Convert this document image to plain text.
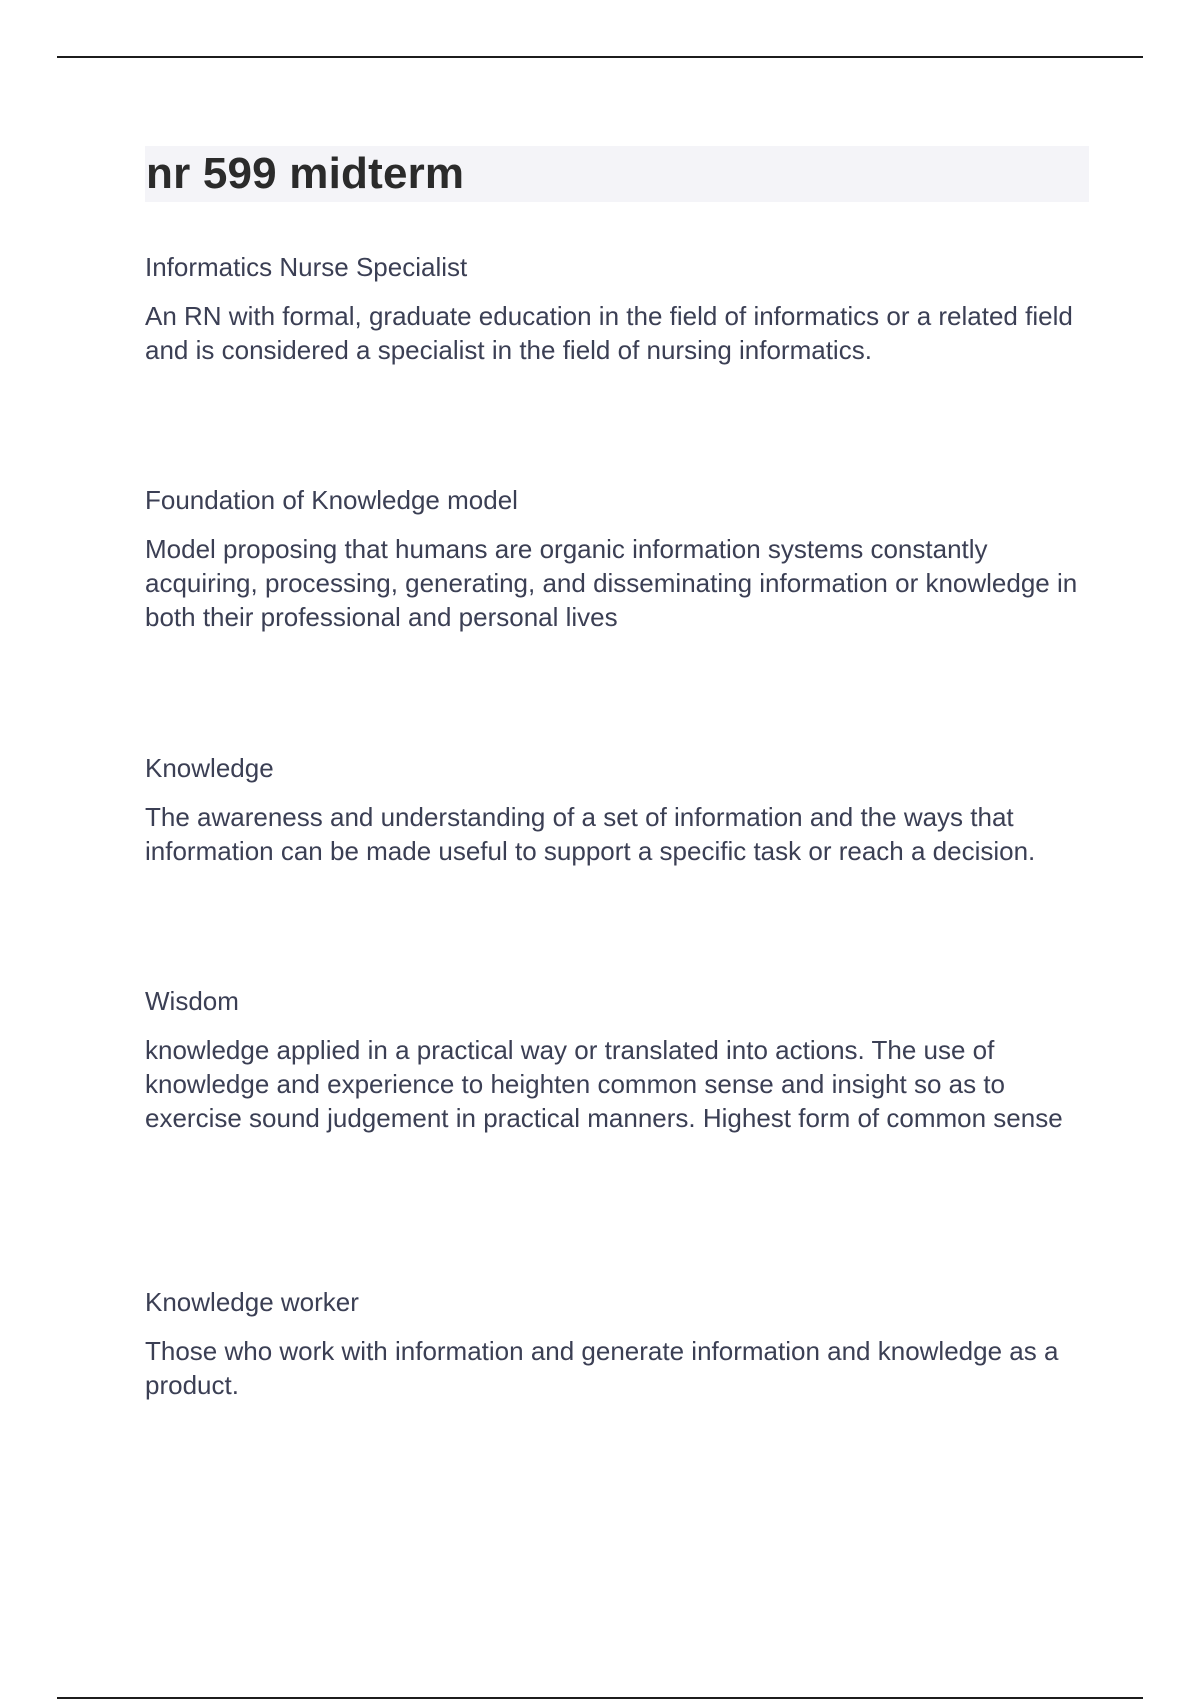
nr 599 midterm

Informatics Nurse Specialist

An RN with formal, graduate education in the field of informatics or a related field and is considered a specialist in the field of nursing informatics.

Foundation of Knowledge model

Model proposing that humans are organic information systems constantly acquiring, processing, generating, and disseminating information or knowledge in both their professional and personal lives

Knowledge

The awareness and understanding of a set of information and the ways that information can be made useful to support a specific task or reach a decision.

Wisdom

knowledge applied in a practical way or translated into actions. The use of knowledge and experience to heighten common sense and insight so as to exercise sound judgement in practical manners. Highest form of common sense

Knowledge worker

Those who work with information and generate information and knowledge as a product.
